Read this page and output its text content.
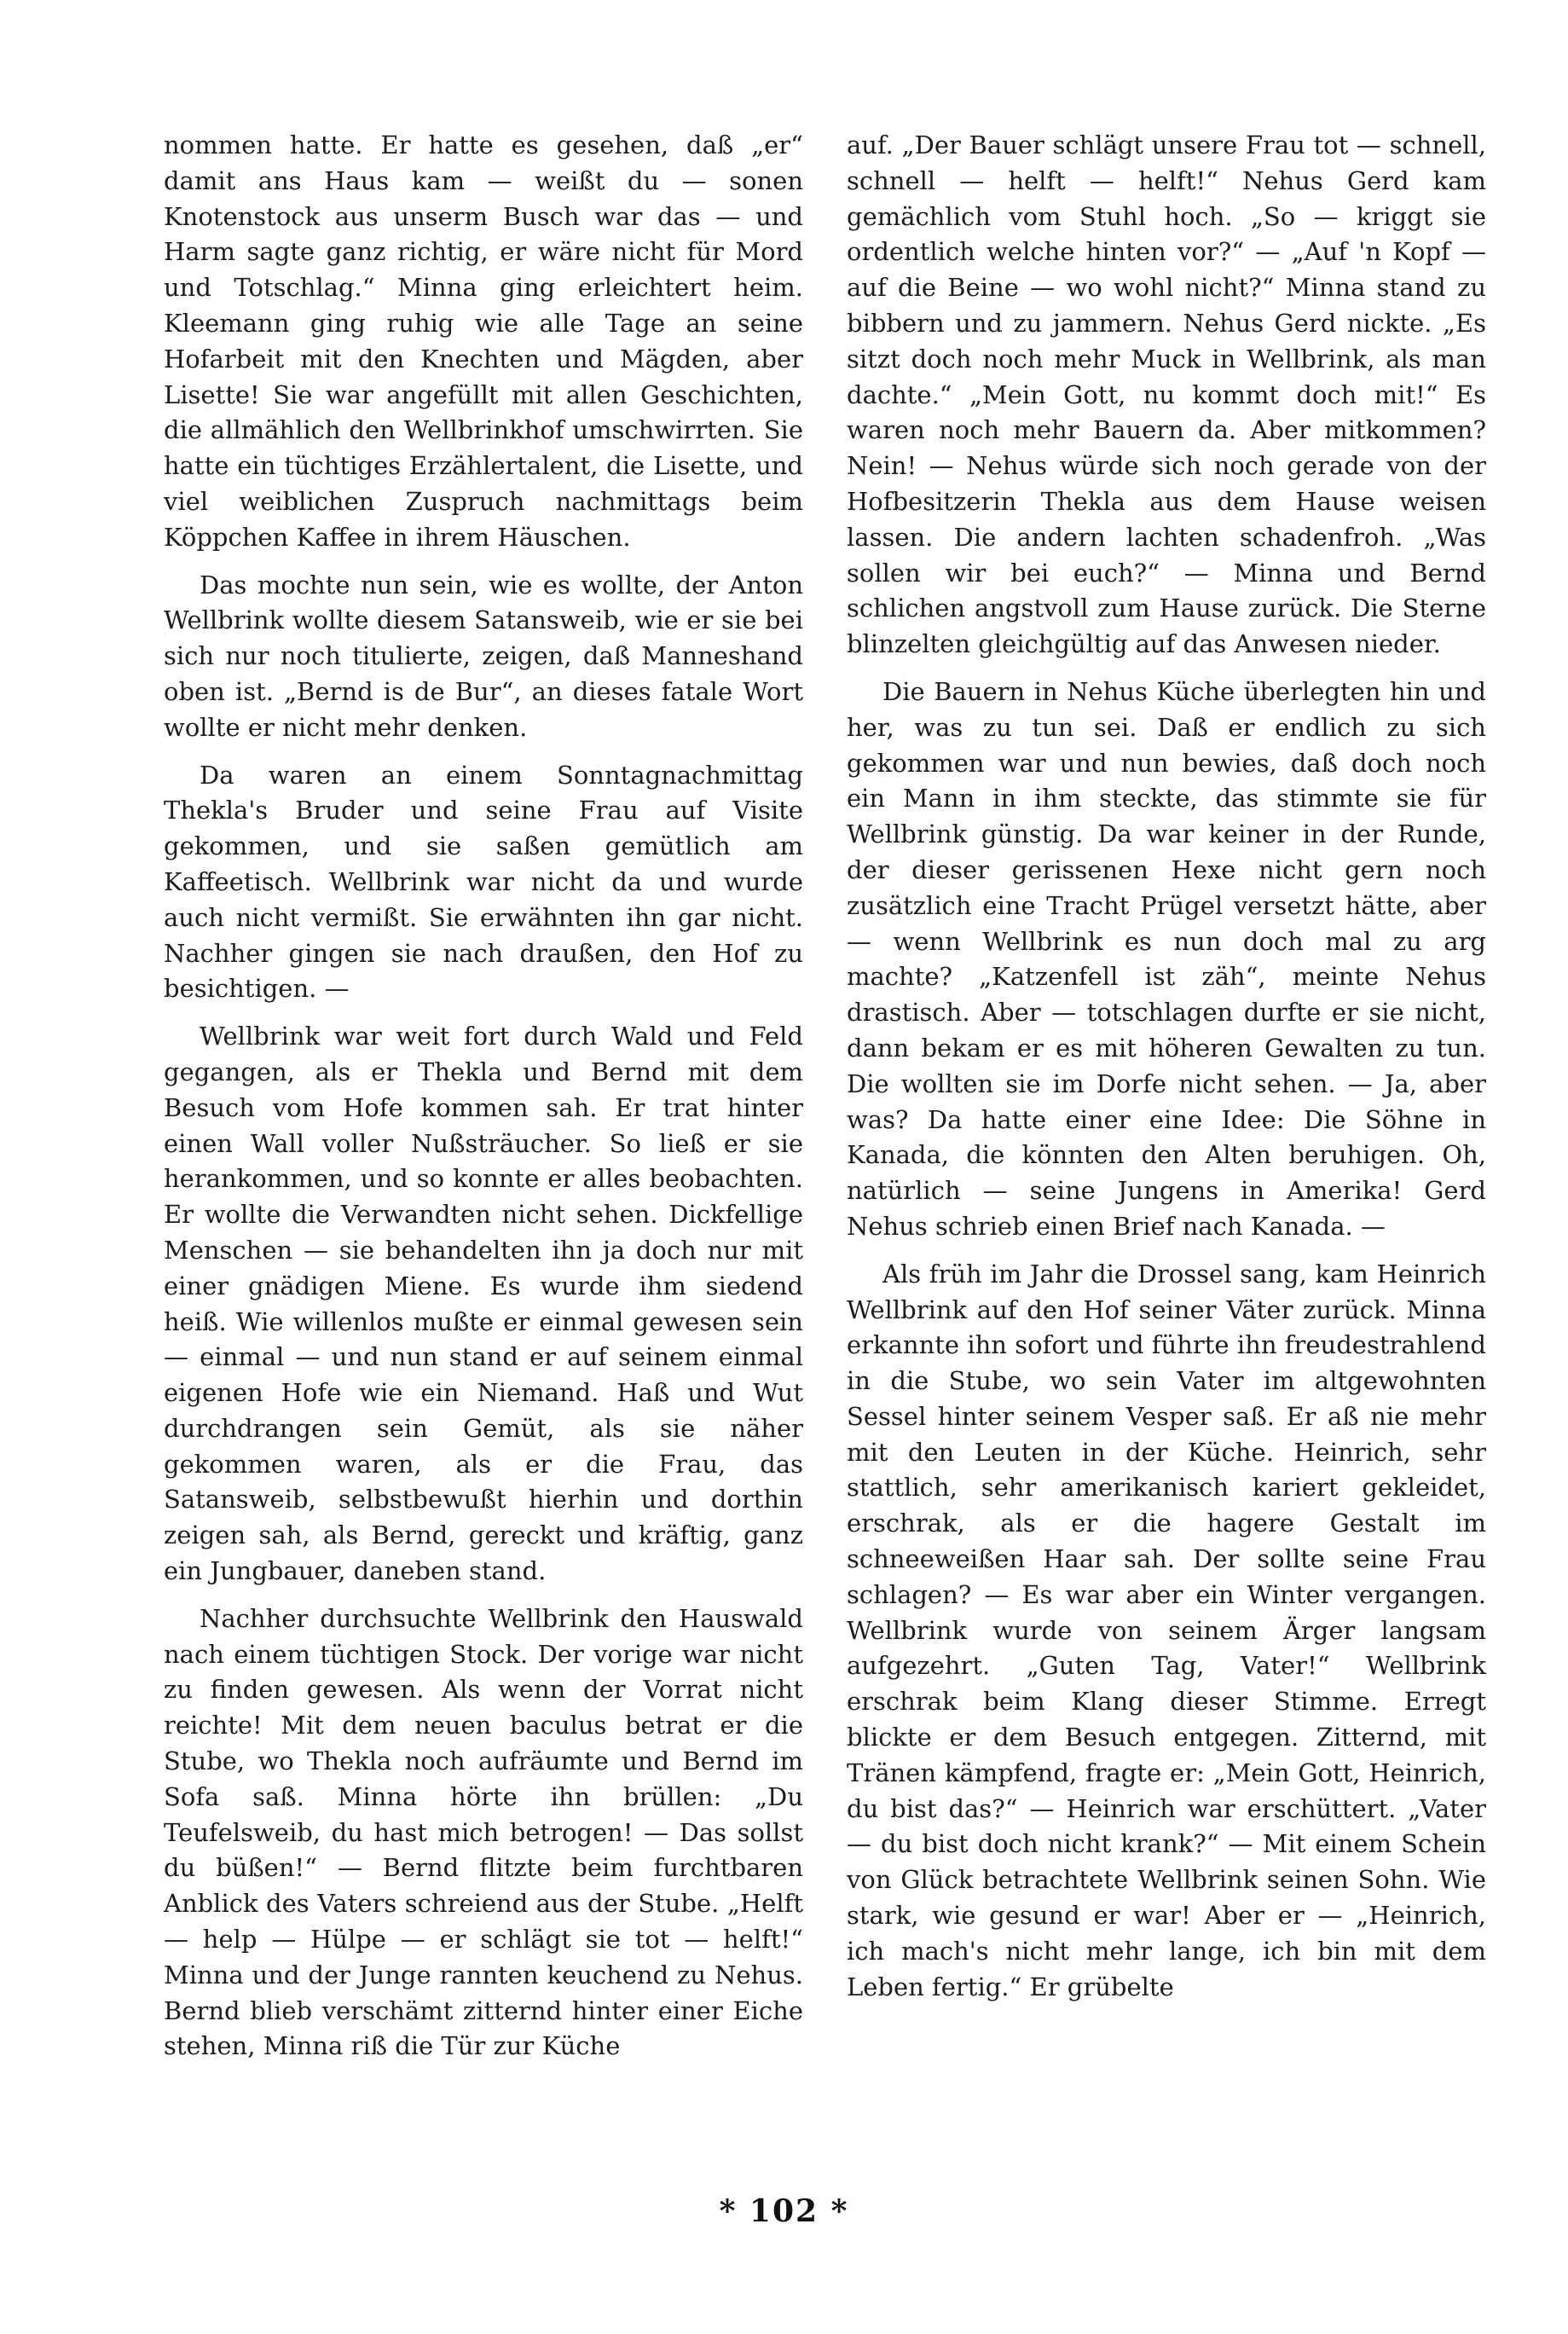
nommen hatte. Er hatte es gesehen, daß „er“ damit ans Haus kam — weißt du — sonen Knotenstock aus unserm Busch war das — und Harm sagte ganz richtig, er wäre nicht für Mord und Totschlag.“ Minna ging erleichtert heim. Kleemann ging ruhig wie alle Tage an seine Hofarbeit mit den Knechten und Mägden, aber Lisette! Sie war angefüllt mit allen Geschichten, die allmählich den Wellbrinkhof umschwirrten. Sie hatte ein tüchtiges Erzählertalent, die Lisette, und viel weiblichen Zuspruch nachmittags beim Köppchen Kaffee in ihrem Häuschen.

Das mochte nun sein, wie es wollte, der Anton Wellbrink wollte diesem Satansweib, wie er sie bei sich nur noch titulierte, zeigen, daß Manneshand oben ist. „Bernd is de Bur“, an dieses fatale Wort wollte er nicht mehr denken.

Da waren an einem Sonntagnachmittag Thekla's Bruder und seine Frau auf Visite gekommen, und sie saßen gemütlich am Kaffeetisch. Wellbrink war nicht da und wurde auch nicht vermißt. Sie erwähnten ihn gar nicht. Nachher gingen sie nach draußen, den Hof zu besichtigen. —

Wellbrink war weit fort durch Wald und Feld gegangen, als er Thekla und Bernd mit dem Besuch vom Hofe kommen sah. Er trat hinter einen Wall voller Nußsträucher. So ließ er sie herankommen, und so konnte er alles beobachten. Er wollte die Verwandten nicht sehen. Dickfellige Menschen — sie behandelten ihn ja doch nur mit einer gnädigen Miene. Es wurde ihm siedend heiß. Wie willenlos mußte er einmal gewesen sein — einmal — und nun stand er auf seinem einmal eigenen Hofe wie ein Niemand. Haß und Wut durchdrangen sein Gemüt, als sie näher gekommen waren, als er die Frau, das Satansweib, selbstbewußt hierhin und dorthin zeigen sah, als Bernd, gereckt und kräftig, ganz ein Jungbauer, daneben stand.

Nachher durchsuchte Wellbrink den Hauswald nach einem tüchtigen Stock. Der vorige war nicht zu finden gewesen. Als wenn der Vorrat nicht reichte! Mit dem neuen baculus betrat er die Stube, wo Thekla noch aufräumte und Bernd im Sofa saß. Minna hörte ihn brüllen: „Du Teufelsweib, du hast mich betrogen! — Das sollst du büßen!“ — Bernd flitzte beim furchtbaren Anblick des Vaters schreiend aus der Stube. „Helft — help — Hülpe — er schlägt sie tot — helft!“ Minna und der Junge rannten keuchend zu Nehus. Bernd blieb verschämt zitternd hinter einer Eiche stehen, Minna riß die Tür zur Küche

auf. „Der Bauer schlägt unsere Frau tot — schnell, schnell — helft — helft!“ Nehus Gerd kam gemächlich vom Stuhl hoch. „So — kriggt sie ordentlich welche hinten vor?“ — „Auf 'n Kopf — auf die Beine — wo wohl nicht?“ Minna stand zu bibbern und zu jammern. Nehus Gerd nickte. „Es sitzt doch noch mehr Muck in Wellbrink, als man dachte.“ „Mein Gott, nu kommt doch mit!“ Es waren noch mehr Bauern da. Aber mitkommen? Nein! — Nehus würde sich noch gerade von der Hofbesitzerin Thekla aus dem Hause weisen lassen. Die andern lachten schadenfroh. „Was sollen wir bei euch?“ — Minna und Bernd schlichen angstvoll zum Hause zurück. Die Sterne blinzelten gleichgültig auf das Anwesen nieder.

Die Bauern in Nehus Küche überlegten hin und her, was zu tun sei. Daß er endlich zu sich gekommen war und nun bewies, daß doch noch ein Mann in ihm steckte, das stimmte sie für Wellbrink günstig. Da war keiner in der Runde, der dieser gerissenen Hexe nicht gern noch zusätzlich eine Tracht Prügel versetzt hätte, aber — wenn Wellbrink es nun doch mal zu arg machte? „Katzenfell ist zäh“, meinte Nehus drastisch. Aber — totschlagen durfte er sie nicht, dann bekam er es mit höheren Gewalten zu tun. Die wollten sie im Dorfe nicht sehen. — Ja, aber was? Da hatte einer eine Idee: Die Söhne in Kanada, die könnten den Alten beruhigen. Oh, natürlich — seine Jungens in Amerika! Gerd Nehus schrieb einen Brief nach Kanada. —

Als früh im Jahr die Drossel sang, kam Heinrich Wellbrink auf den Hof seiner Väter zurück. Minna erkannte ihn sofort und führte ihn freudestrahlend in die Stube, wo sein Vater im altgewohnten Sessel hinter seinem Vesper saß. Er aß nie mehr mit den Leuten in der Küche. Heinrich, sehr stattlich, sehr amerikanisch kariert gekleidet, erschrak, als er die hagere Gestalt im schneeweißen Haar sah. Der sollte seine Frau schlagen? — Es war aber ein Winter vergangen. Wellbrink wurde von seinem Ärger langsam aufgezehrt. „Guten Tag, Vater!“ Wellbrink erschrak beim Klang dieser Stimme. Erregt blickte er dem Besuch entgegen. Zitternd, mit Tränen kämpfend, fragte er: „Mein Gott, Heinrich, du bist das?“ — Heinrich war erschüttert. „Vater — du bist doch nicht krank?“ — Mit einem Schein von Glück betrachtete Wellbrink seinen Sohn. Wie stark, wie gesund er war! Aber er — „Heinrich, ich mach's nicht mehr lange, ich bin mit dem Leben fertig.“ Er grübelte

* 102 *
